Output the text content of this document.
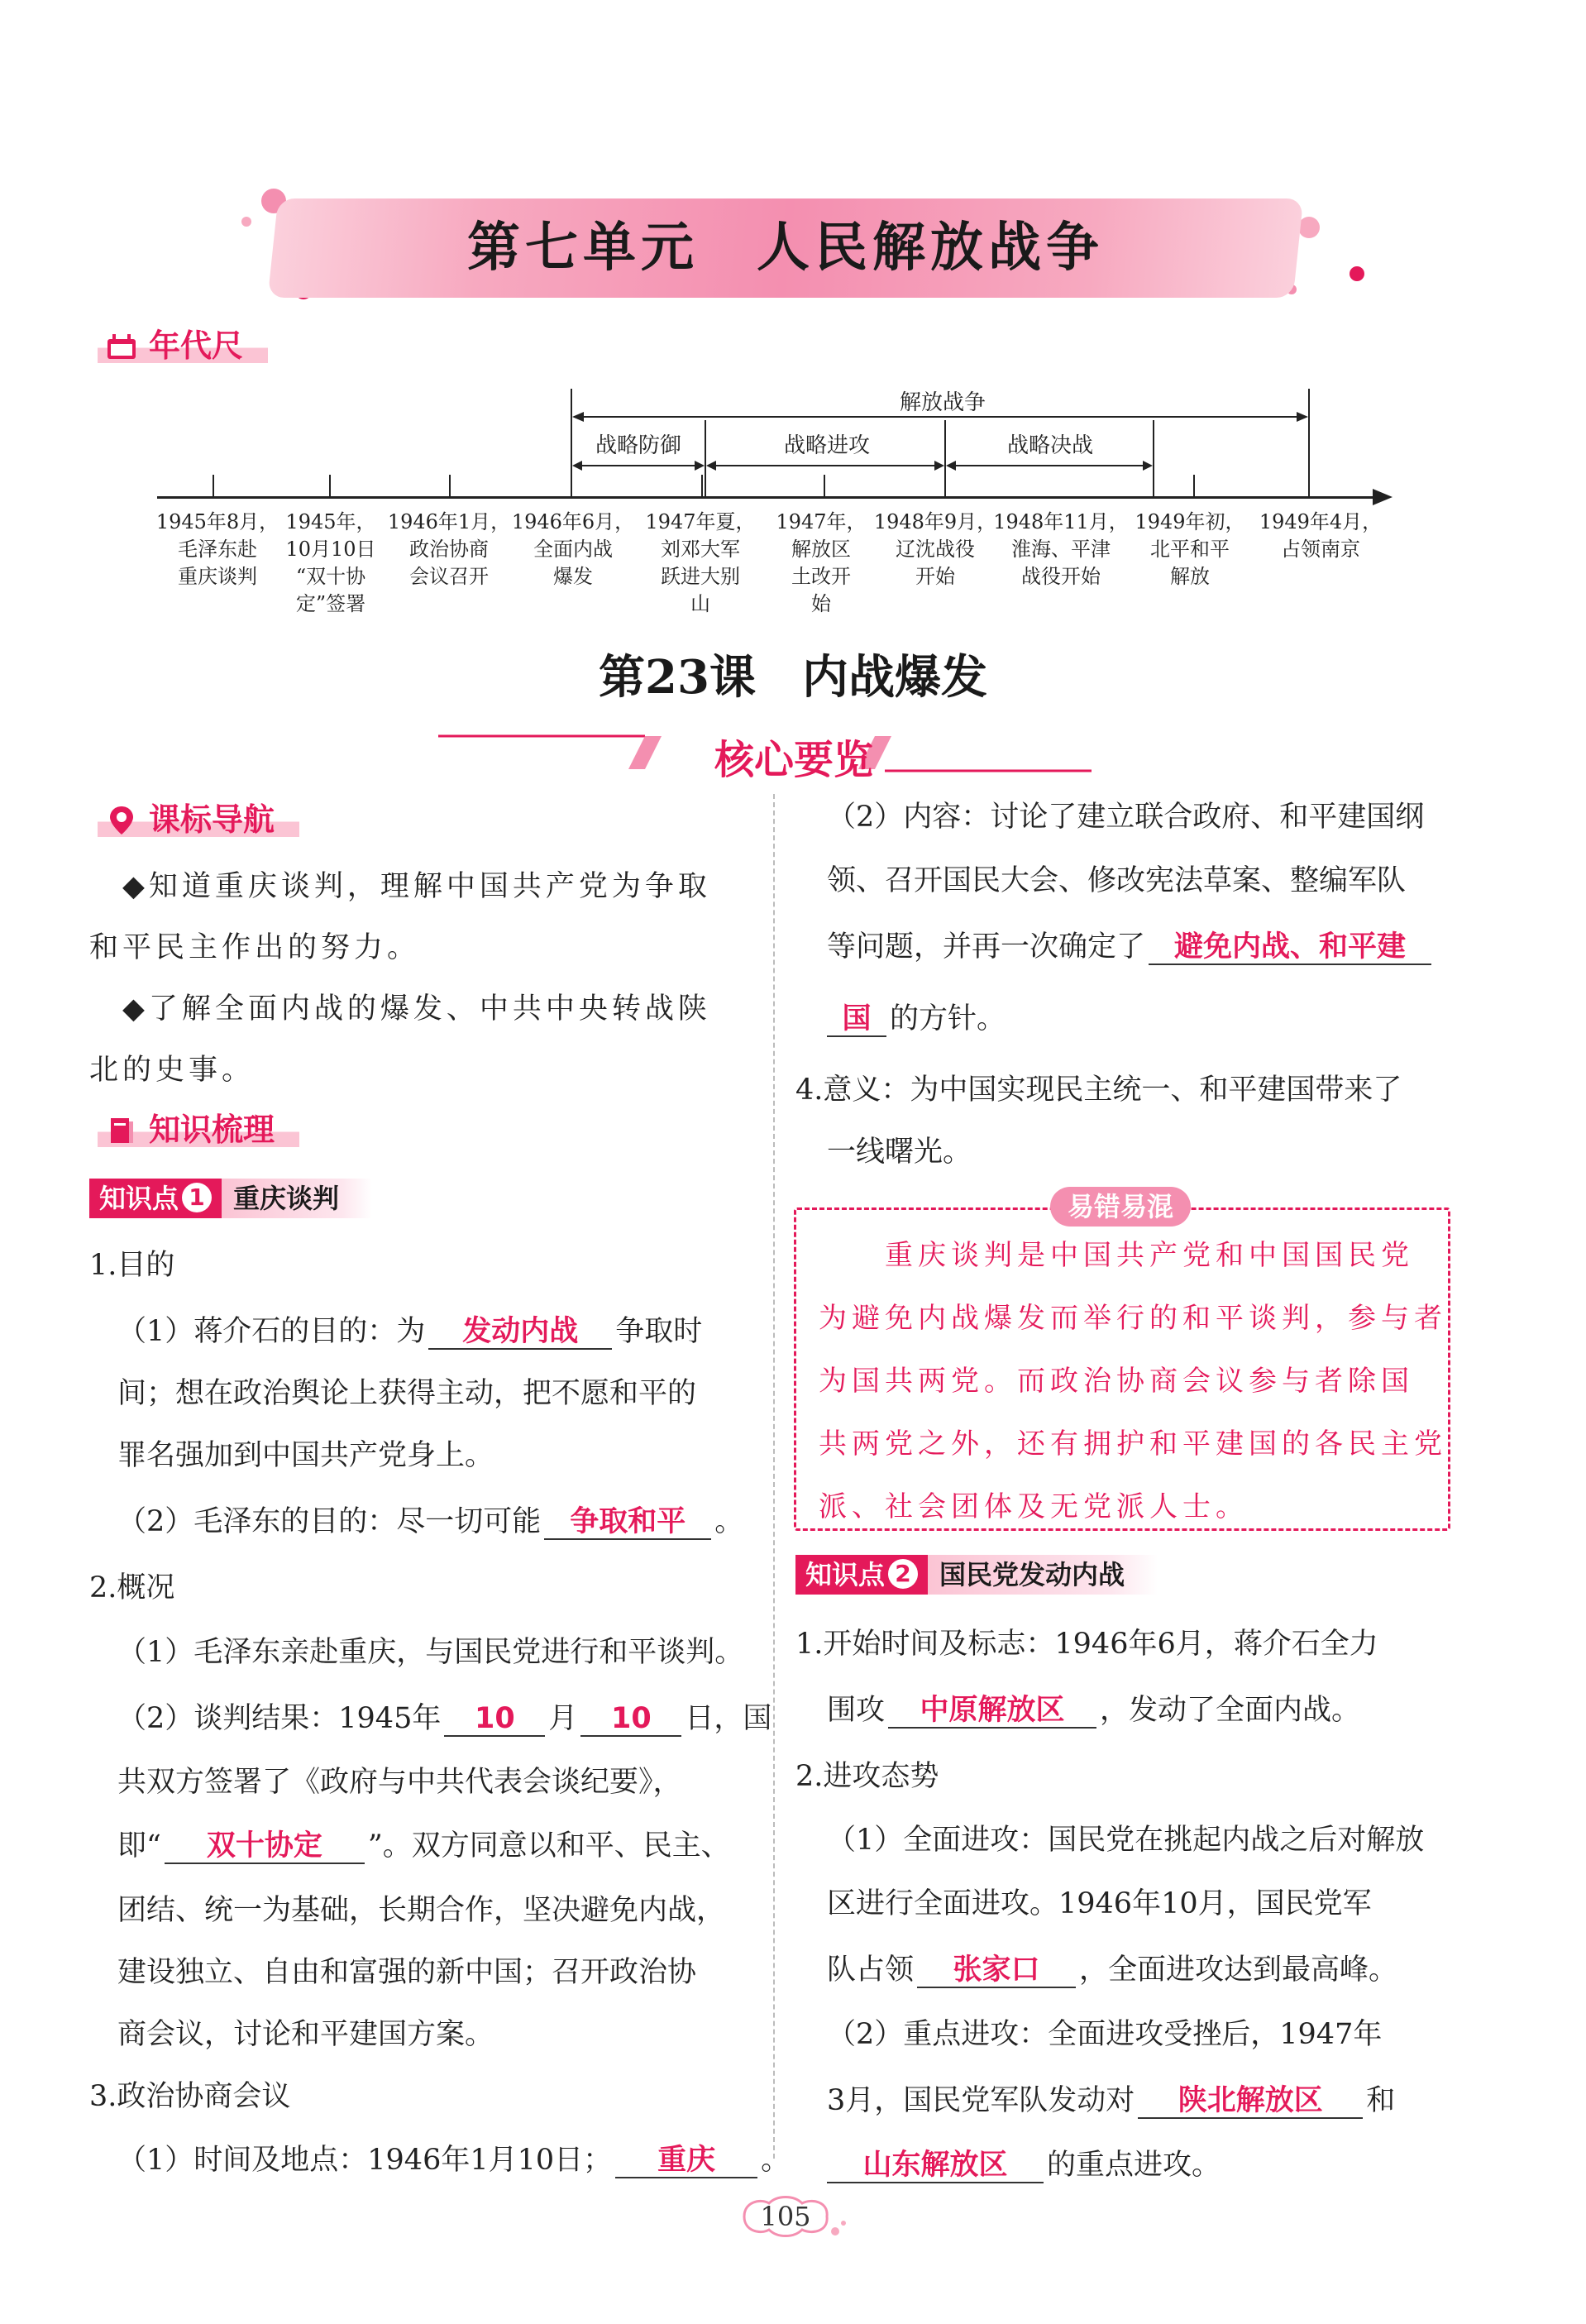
第七单元　人民解放战争
年代尺
解放战争
战略防御	战略进攻	战略决战
1945年8月，
毛泽东赴
重庆谈判
1945年，
10月10日
“双十协
定”签署
1946年1月，
政治协商
会议召开
1946年6月，
全面内战
爆发
1947年夏，
刘邓大军
跃进大别
山
1947年，
解放区
土改开
始
1948年9月，
辽沈战役
开始
1948年11月，
淮海、平津
战役开始
1949年初，
北平和平
解放
1949年4月，
占领南京
第23课　内战爆发
核心要览
课标导航
◆知道重庆谈判，理解中国共产党为争取
和平民主作出的努力。
◆了解全面内战的爆发、中共中央转战陕
北的史事。
知识梳理
知识点 1 重庆谈判
1.目的
（1）蒋介石的目的：为 发动内战 争取时
间；想在政治舆论上获得主动，把不愿和平的
罪名强加到中国共产党身上。
（2）毛泽东的目的：尽一切可能 争取和平 。
2.概况
（1）毛泽东亲赴重庆，与国民党进行和平谈判。
（2）谈判结果：1945年 10 月 10 日，国
共双方签署了《政府与中共代表会谈纪要》，
即“ 双十协定 ”。双方同意以和平、民主、
团结、统一为基础，长期合作，坚决避免内战，
建设独立、自由和富强的新中国；召开政治协
商会议，讨论和平建国方案。
3.政治协商会议
（1）时间及地点：1946年1月10日； 重庆 。
（2）内容：讨论了建立联合政府、和平建国纲
领、召开国民大会、修改宪法草案、整编军队
等问题，并再一次确定了 避免内战、和平建
国 的方针。
4.意义：为中国实现民主统一、和平建国带来了
一线曙光。
易错易混
重庆谈判是中国共产党和中国国民党
为避免内战爆发而举行的和平谈判，参与者
为国共两党。而政治协商会议参与者除国
共两党之外，还有拥护和平建国的各民主党
派、社会团体及无党派人士。
知识点 2 国民党发动内战
1.开始时间及标志：1946年6月，蒋介石全力
围攻 中原解放区 ，发动了全面内战。
2.进攻态势
（1）全面进攻：国民党在挑起内战之后对解放
区进行全面进攻。1946年10月，国民党军
队占领 张家口 ，全面进攻达到最高峰。
（2）重点进攻：全面进攻受挫后，1947年
3月，国民党军队发动对 陕北解放区 和
山东解放区 的重点进攻。
105
